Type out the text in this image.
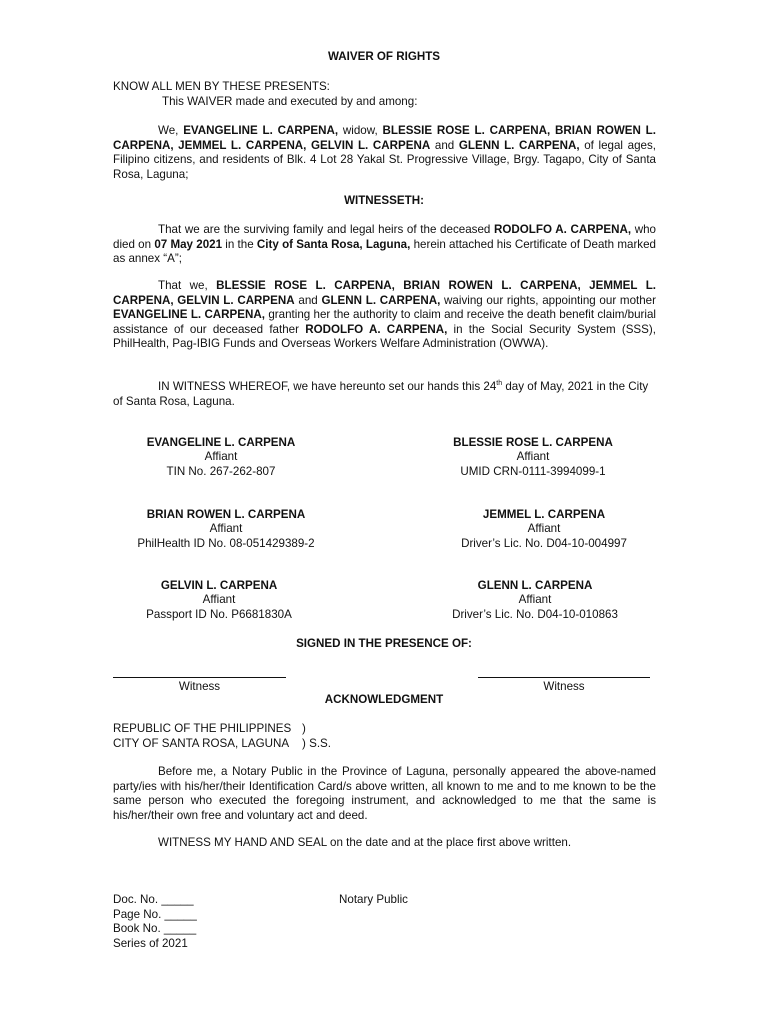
WAIVER OF RIGHTS
KNOW ALL MEN BY THESE PRESENTS:
This WAIVER made and executed by and among:
We, EVANGELINE L. CARPENA, widow, BLESSIE ROSE L. CARPENA, BRIAN ROWEN L. CARPENA, JEMMEL L. CARPENA, GELVIN L. CARPENA and GLENN L. CARPENA, of legal ages, Filipino citizens, and residents of Blk. 4 Lot 28 Yakal St. Progressive Village, Brgy. Tagapo, City of Santa Rosa, Laguna;
WITNESSETH:
That we are the surviving family and legal heirs of the deceased RODOLFO A. CARPENA, who died on 07 May 2021 in the City of Santa Rosa, Laguna, herein attached his Certificate of Death marked as annex “A”;
That we, BLESSIE ROSE L. CARPENA, BRIAN ROWEN L. CARPENA, JEMMEL L. CARPENA, GELVIN L. CARPENA and GLENN L. CARPENA, waiving our rights, appointing our mother EVANGELINE L. CARPENA, granting her the authority to claim and receive the death benefit claim/burial assistance of our deceased father RODOLFO A. CARPENA, in the Social Security System (SSS), PhilHealth, Pag-IBIG Funds and Overseas Workers Welfare Administration (OWWA).
IN WITNESS WHEREOF, we have hereunto set our hands this 24th day of May, 2021 in the City of Santa Rosa, Laguna.
EVANGELINE L. CARPENA
Affiant
TIN No. 267-262-807
BLESSIE ROSE L. CARPENA
Affiant
UMID CRN-0111-3994099-1
BRIAN ROWEN L. CARPENA
Affiant
PhilHealth ID No. 08-051429389-2
JEMMEL L. CARPENA
Affiant
Driver’s Lic. No. D04-10-004997
GELVIN L. CARPENA
Affiant
Passport ID No. P6681830A
GLENN L. CARPENA
Affiant
Driver’s Lic. No. D04-10-010863
SIGNED IN THE PRESENCE OF:
Witness	Witness
ACKNOWLEDGMENT
REPUBLIC OF THE PHILIPPINES )
CITY OF SANTA ROSA, LAGUNA ) S.S.
Before me, a Notary Public in the Province of Laguna, personally appeared the above-named party/ies with his/her/their Identification Card/s above written, all known to me and to me known to be the same person who executed the foregoing instrument, and acknowledged to me that the same is his/her/their own free and voluntary act and deed.
WITNESS MY HAND AND SEAL on the date and at the place first above written.
Doc. No. _____
Page No. _____
Book No. _____
Series of 2021
Notary Public
